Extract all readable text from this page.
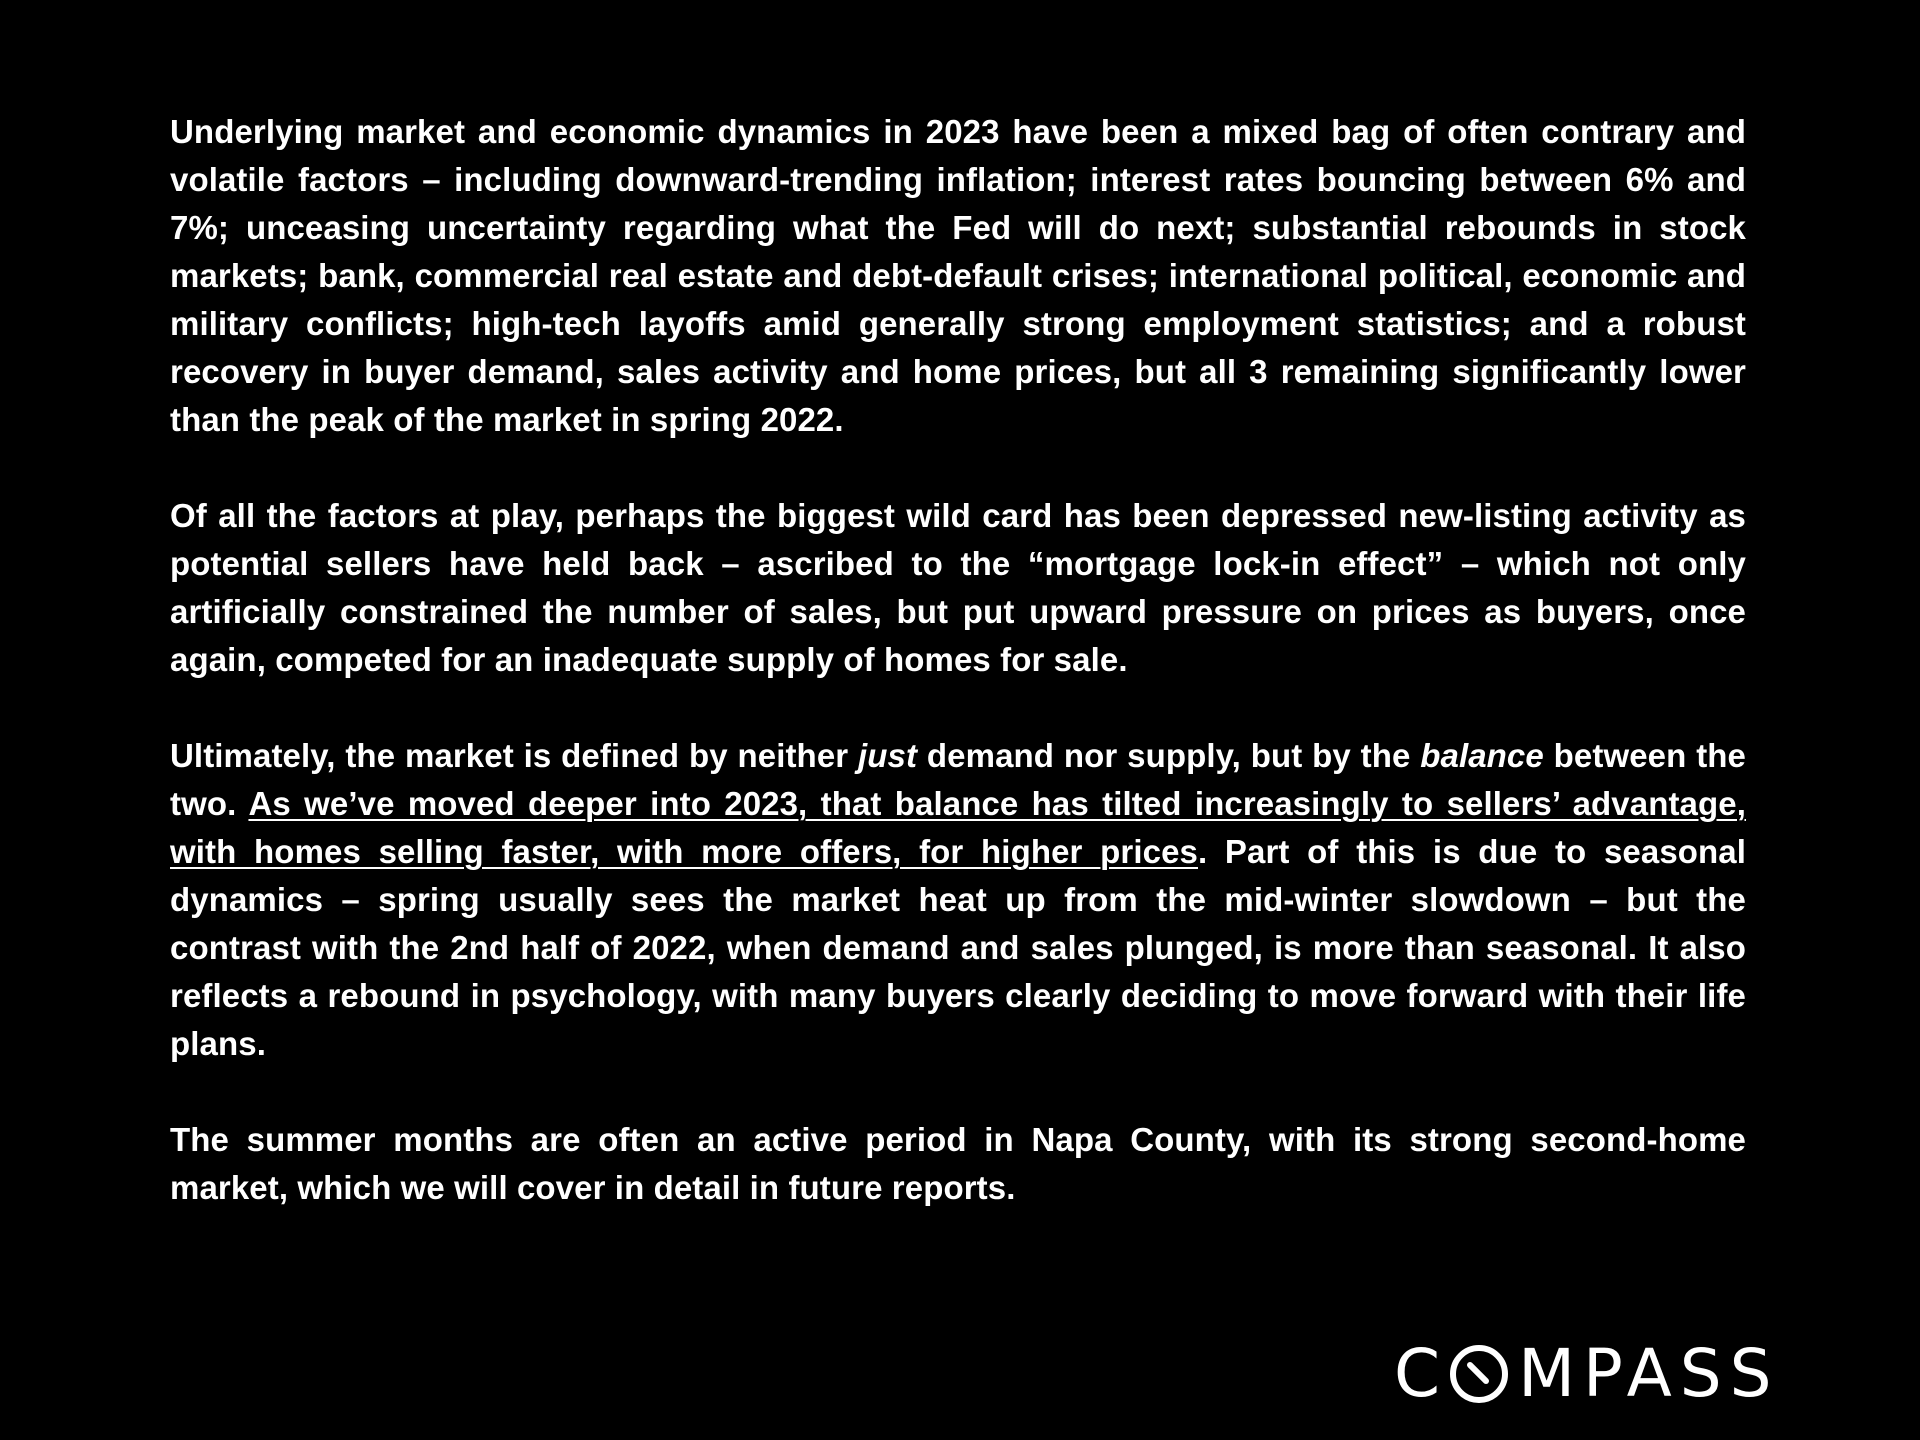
Underlying market and economic dynamics in 2023 have been a mixed bag of often contrary and volatile factors – including downward-trending inflation; interest rates bouncing between 6% and 7%; unceasing uncertainty regarding what the Fed will do next; substantial rebounds in stock markets; bank, commercial real estate and debt-default crises; international political, economic and military conflicts; high-tech layoffs amid generally strong employment statistics; and a robust recovery in buyer demand, sales activity and home prices, but all 3 remaining significantly lower than the peak of the market in spring 2022.

Of all the factors at play, perhaps the biggest wild card has been depressed new-listing activity as potential sellers have held back – ascribed to the “mortgage lock-in effect” – which not only artificially constrained the number of sales, but put upward pressure on prices as buyers, once again, competed for an inadequate supply of homes for sale.

Ultimately, the market is defined by neither just demand nor supply, but by the balance between the two. As we’ve moved deeper into 2023, that balance has tilted increasingly to sellers’ advantage, with homes selling faster, with more offers, for higher prices. Part of this is due to seasonal dynamics – spring usually sees the market heat up from the mid-winter slowdown – but the contrast with the 2nd half of 2022, when demand and sales plunged, is more than seasonal. It also reflects a rebound in psychology, with many buyers clearly deciding to move forward with their life plans.

The summer months are often an active period in Napa County, with its strong second-home market, which we will cover in detail in future reports.

C MPASS
